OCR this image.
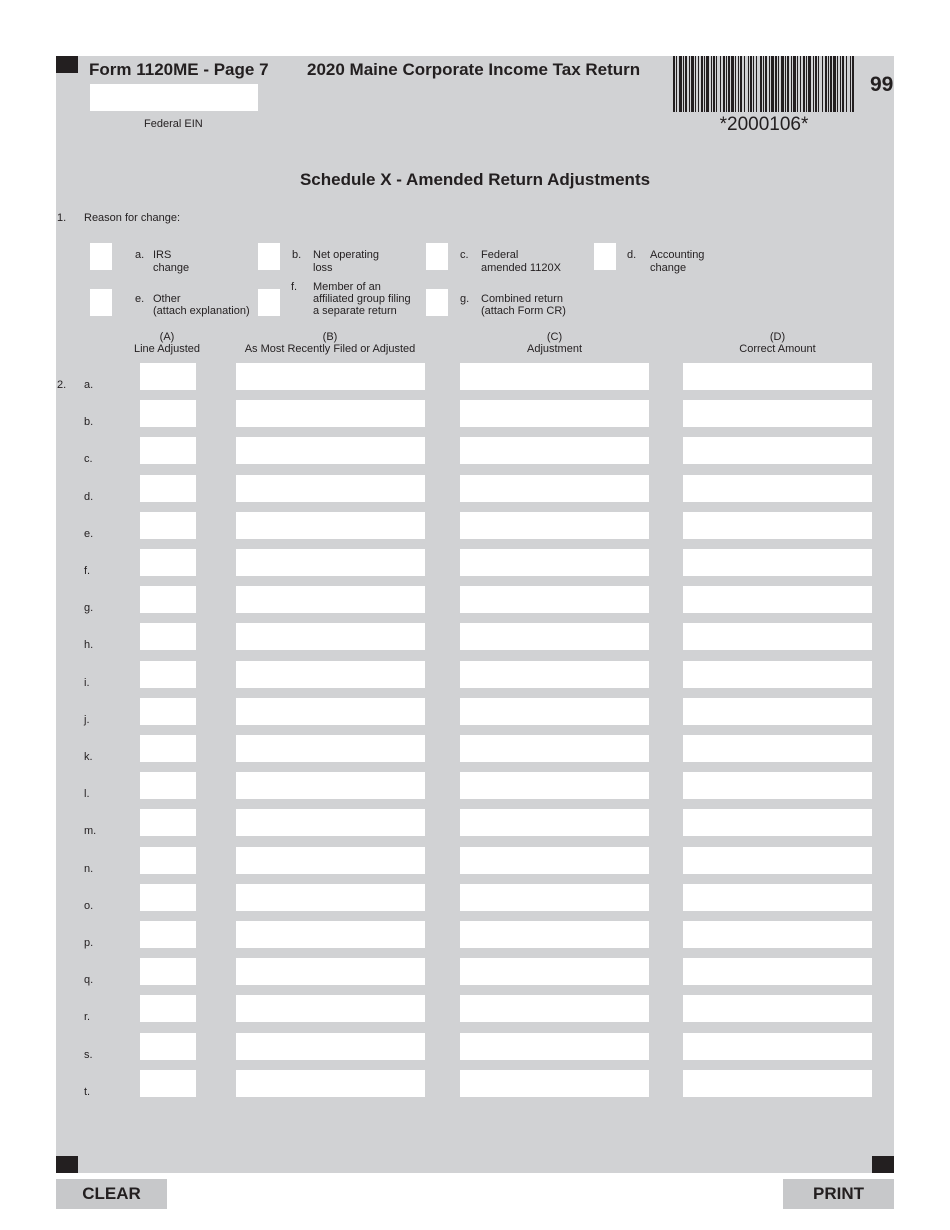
Form 1120ME - Page 7 2020 Maine Corporate Income Tax Return
99
*2000106*
Federal EIN
Schedule X - Amended Return Adjustments
1. Reason for change:
a. IRS
change
b. Net operating
loss
c. Federal
amended 1120X
d. Accounting
change
e. Other
(attach explanation)
f. Member of an
affiliated group filing
a separate return
g. Combined return
(attach Form CR)
(A)
Line Adjusted
(B)
As Most Recently Filed or Adjusted
(C)
Adjustment
(D)
Correct Amount
2. a.
b.
c.
d.
e.
f.
g.
h.
i.
j.
k.
l.
m.
n.
o.
p.
q.
r.
s.
t.
CLEAR	PRINT
